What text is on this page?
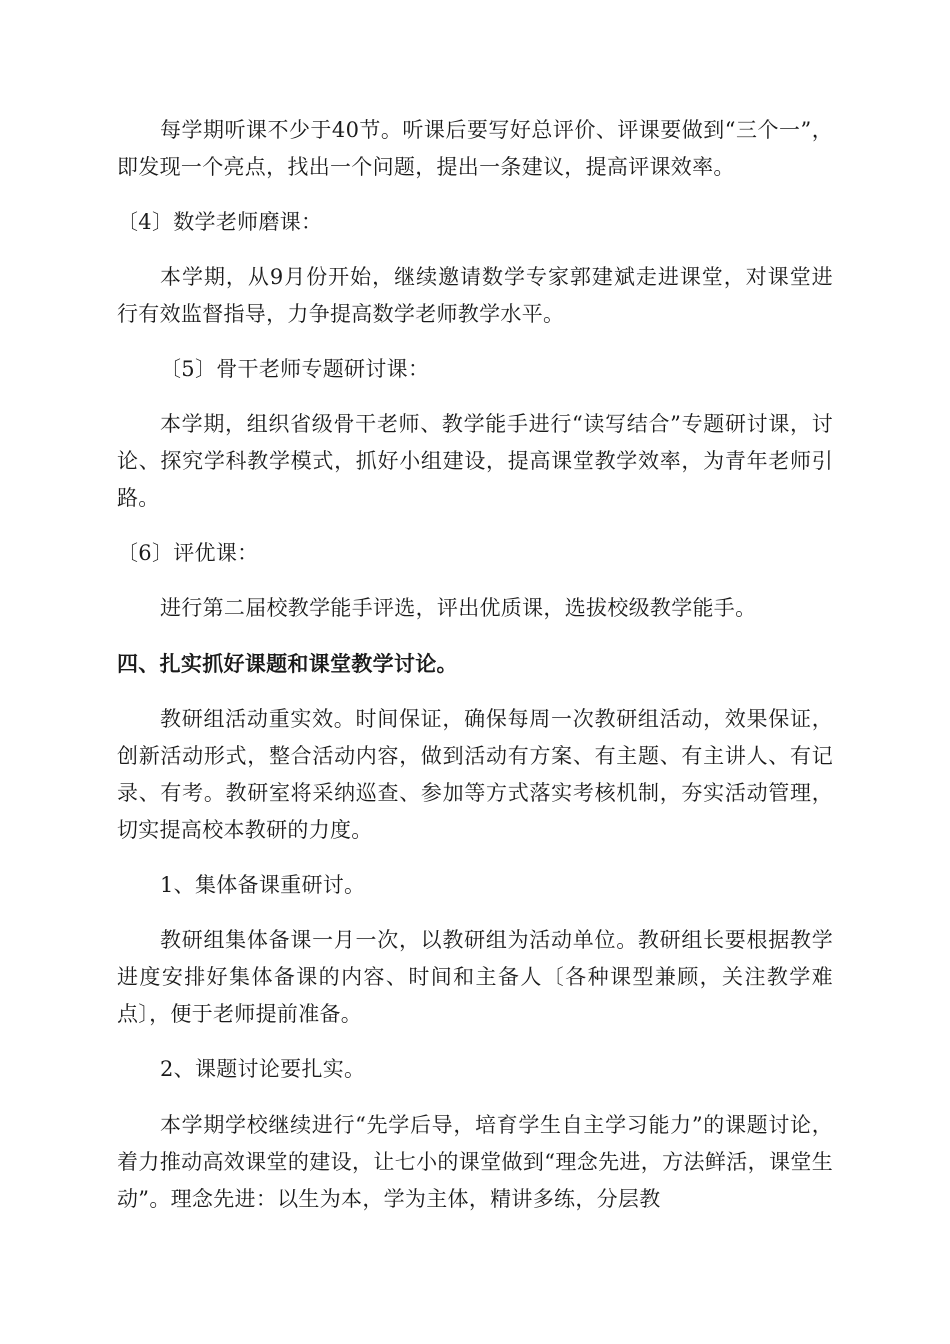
每学期听课不少于40节。听课后要写好总评价、评课要做到“三个一”，即发现一个亮点，找出一个问题，提出一条建议，提高评课效率。

〔4〕数学老师磨课：

本学期，从9月份开始，继续邀请数学专家郭建斌走进课堂，对课堂进行有效监督指导，力争提高数学老师教学水平。

〔5〕骨干老师专题研讨课：

本学期，组织省级骨干老师、教学能手进行“读写结合”专题研讨课，讨论、探究学科教学模式，抓好小组建设，提高课堂教学效率，为青年老师引路。

〔6〕评优课：

进行第二届校教学能手评选，评出优质课，选拔校级教学能手。

四、扎实抓好课题和课堂教学讨论。

教研组活动重实效。时间保证，确保每周一次教研组活动，效果保证，创新活动形式，整合活动内容，做到活动有方案、有主题、有主讲人、有记录、有考。教研室将采纳巡查、参加等方式落实考核机制，夯实活动管理，切实提高校本教研的力度。

1、集体备课重研讨。

教研组集体备课一月一次，以教研组为活动单位。教研组长要根据教学进度安排好集体备课的内容、时间和主备人〔各种课型兼顾，关注教学难点〕，便于老师提前准备。

2、课题讨论要扎实。

本学期学校继续进行“先学后导，培育学生自主学习能力”的课题讨论，着力推动高效课堂的建设，让七小的课堂做到“理念先进，方法鲜活，课堂生动”。理念先进：以生为本，学为主体，精讲多练，分层教
